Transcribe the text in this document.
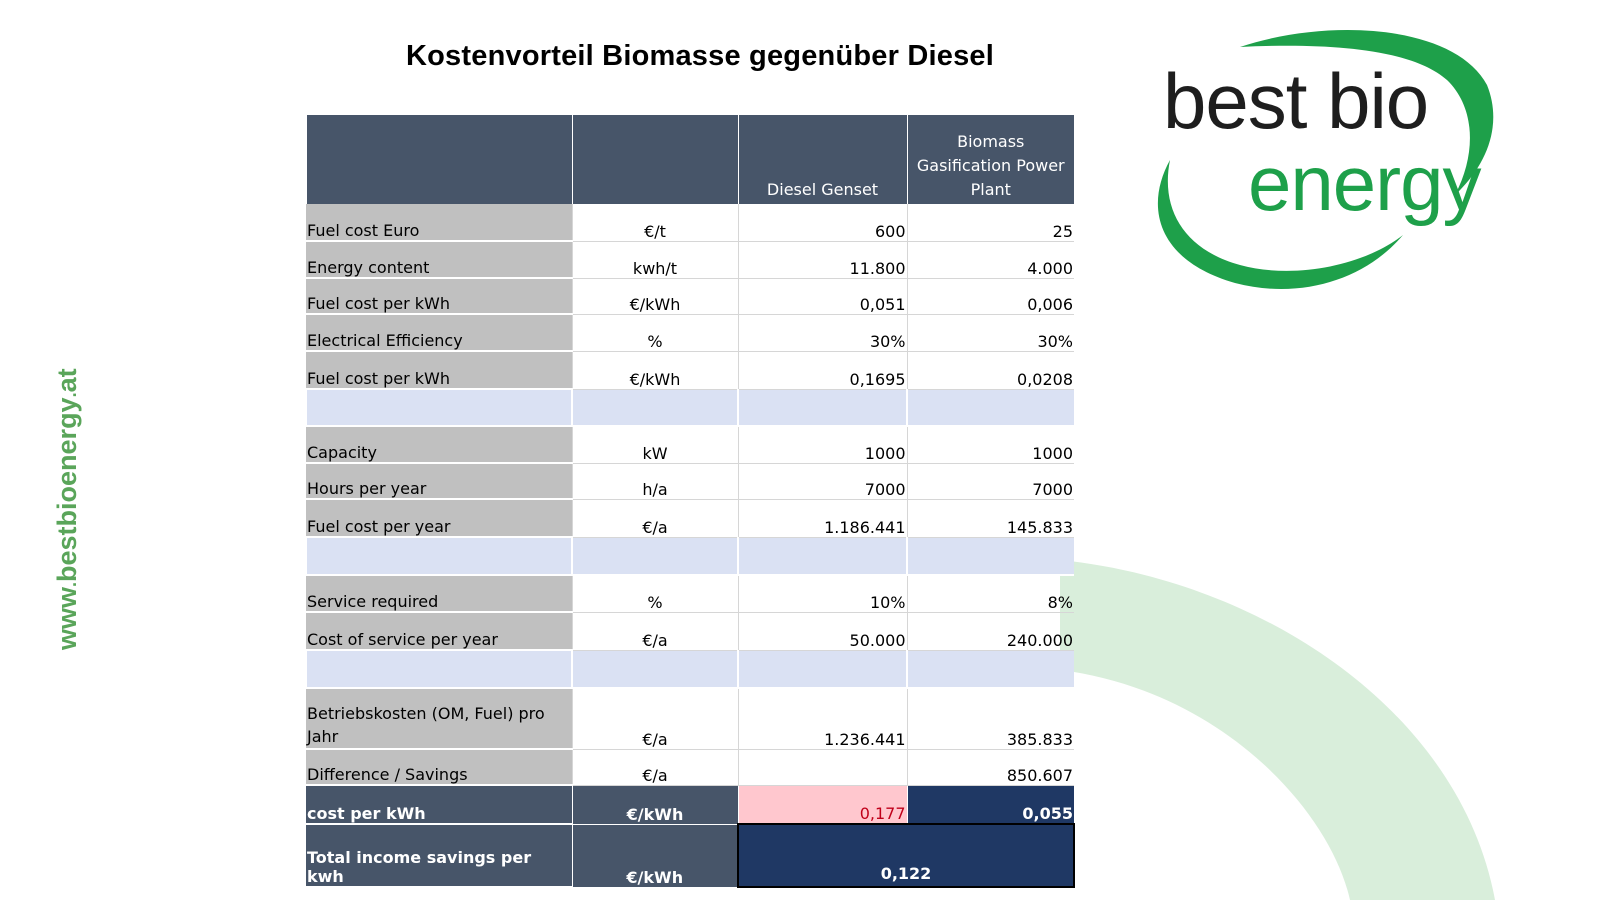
Kostenvorteil Biomasse gegenüber Diesel
www.bestbioenergy.at
best bio
energy
		Diesel Genset	Biomass Gasification Power Plant
Fuel cost Euro	€/t	600	25
Energy content	kwh/t	11.800	4.000
Fuel cost per kWh	€/kWh	0,051	0,006
Electrical Efficiency	%	30%	30%
Fuel cost per kWh	€/kWh	0,1695	0,0208

Capacity	kW	1000	1000
Hours per year	h/a	7000	7000
Fuel cost per year	€/a	1.186.441	145.833

Service required	%	10%	8%
Cost of service per year	€/a	50.000	240.000

Betriebskosten (OM, Fuel) pro Jahr	€/a	1.236.441	385.833
Difference / Savings	€/a		850.607
cost per kWh	€/kWh	0,177	0,055
Total income savings per kwh	€/kWh	0,122	
